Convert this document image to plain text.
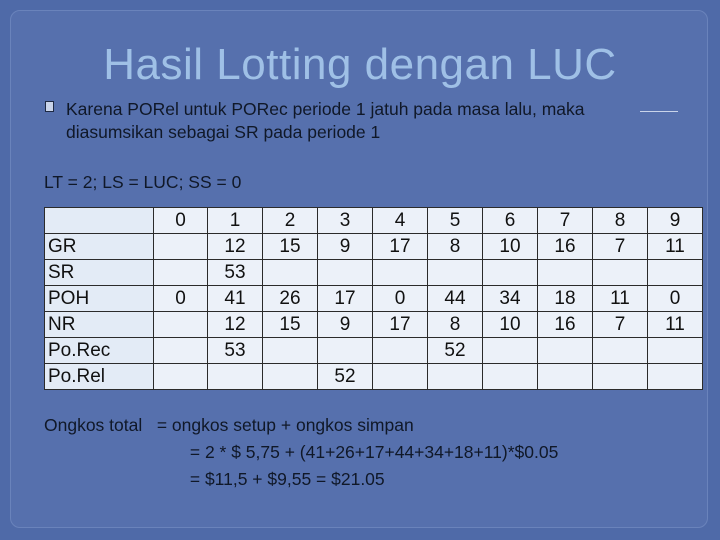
Hasil Lotting dengan LUC
Karena PORel untuk PORec periode 1 jatuh pada masa lalu, maka
diasumsikan sebagai SR pada periode 1
LT = 2; LS = LUC; SS = 0
	0	1	2	3	4	5	6	7	8	9
GR		12	15	9	17	8	10	16	7	11
SR		53								
POH	0	41	26	17	0	44	34	18	11	0
NR		12	15	9	17	8	10	16	7	11
Po.Rec		53				52				
Po.Rel				52						
Ongkos total   = ongkos setup + ongkos simpan
= 2 * $ 5,75 + (41+26+17+44+34+18+11)*$0.05
= $11,5 + $9,55 = $21.05
